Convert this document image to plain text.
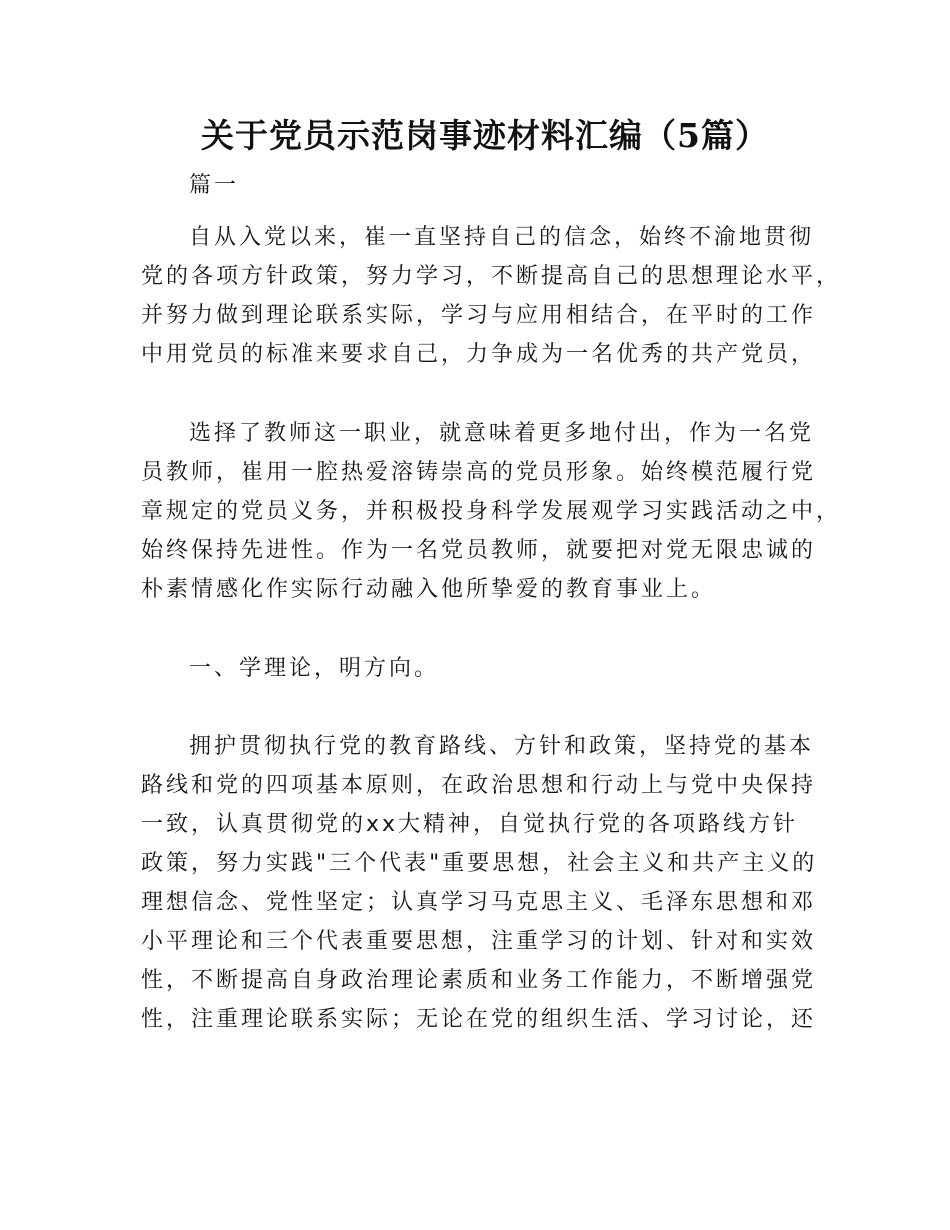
关于党员示范岗事迹材料汇编（5篇）

篇一

自从入党以来，崔一直坚持自己的信念，始终不渝地贯彻
党的各项方针政策，努力学习，不断提高自己的思想理论水平，
并努力做到理论联系实际，学习与应用相结合，在平时的工作
中用党员的标准来要求自己，力争成为一名优秀的共产党员，

选择了教师这一职业，就意味着更多地付出，作为一名党
员教师，崔用一腔热爱溶铸崇高的党员形象。始终模范履行党
章规定的党员义务，并积极投身科学发展观学习实践活动之中，
始终保持先进性。作为一名党员教师，就要把对党无限忠诚的
朴素情感化作实际行动融入他所挚爱的教育事业上。

一、学理论，明方向。

拥护贯彻执行党的教育路线、方针和政策，坚持党的基本
路线和党的四项基本原则，在政治思想和行动上与党中央保持
一致，认真贯彻党的xx大精神，自觉执行党的各项路线方针
政策，努力实践"三个代表"重要思想，社会主义和共产主义的
理想信念、党性坚定；认真学习马克思主义、毛泽东思想和邓
小平理论和三个代表重要思想，注重学习的计划、针对和实效
性，不断提高自身政治理论素质和业务工作能力，不断增强党
性，注重理论联系实际；无论在党的组织生活、学习讨论，还
